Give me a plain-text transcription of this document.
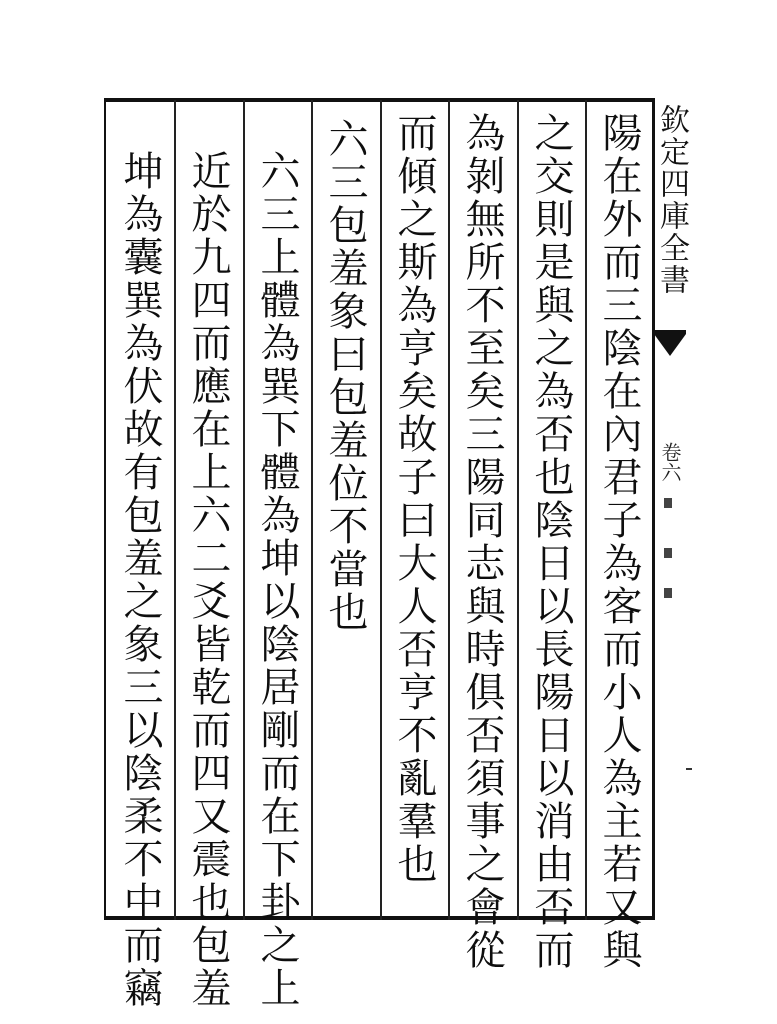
陽在外而三陰在內君子為客而小人為主若又與
之交則是與之為否也陰日以長陽日以消由否而
為剝無所不至矣三陽同志與時俱否須事之會從
而傾之斯為亨矣故子曰大人否亨不亂羣也
六三包羞象曰包羞位不當也
六三上體為巽下體為坤以陰居剛而在下卦之上
近於九四而應在上六二爻皆乾而四又震也包羞
坤為囊巽為伏故有包羞之象三以陰柔不中而竊	欽定四庫全書
卷六
